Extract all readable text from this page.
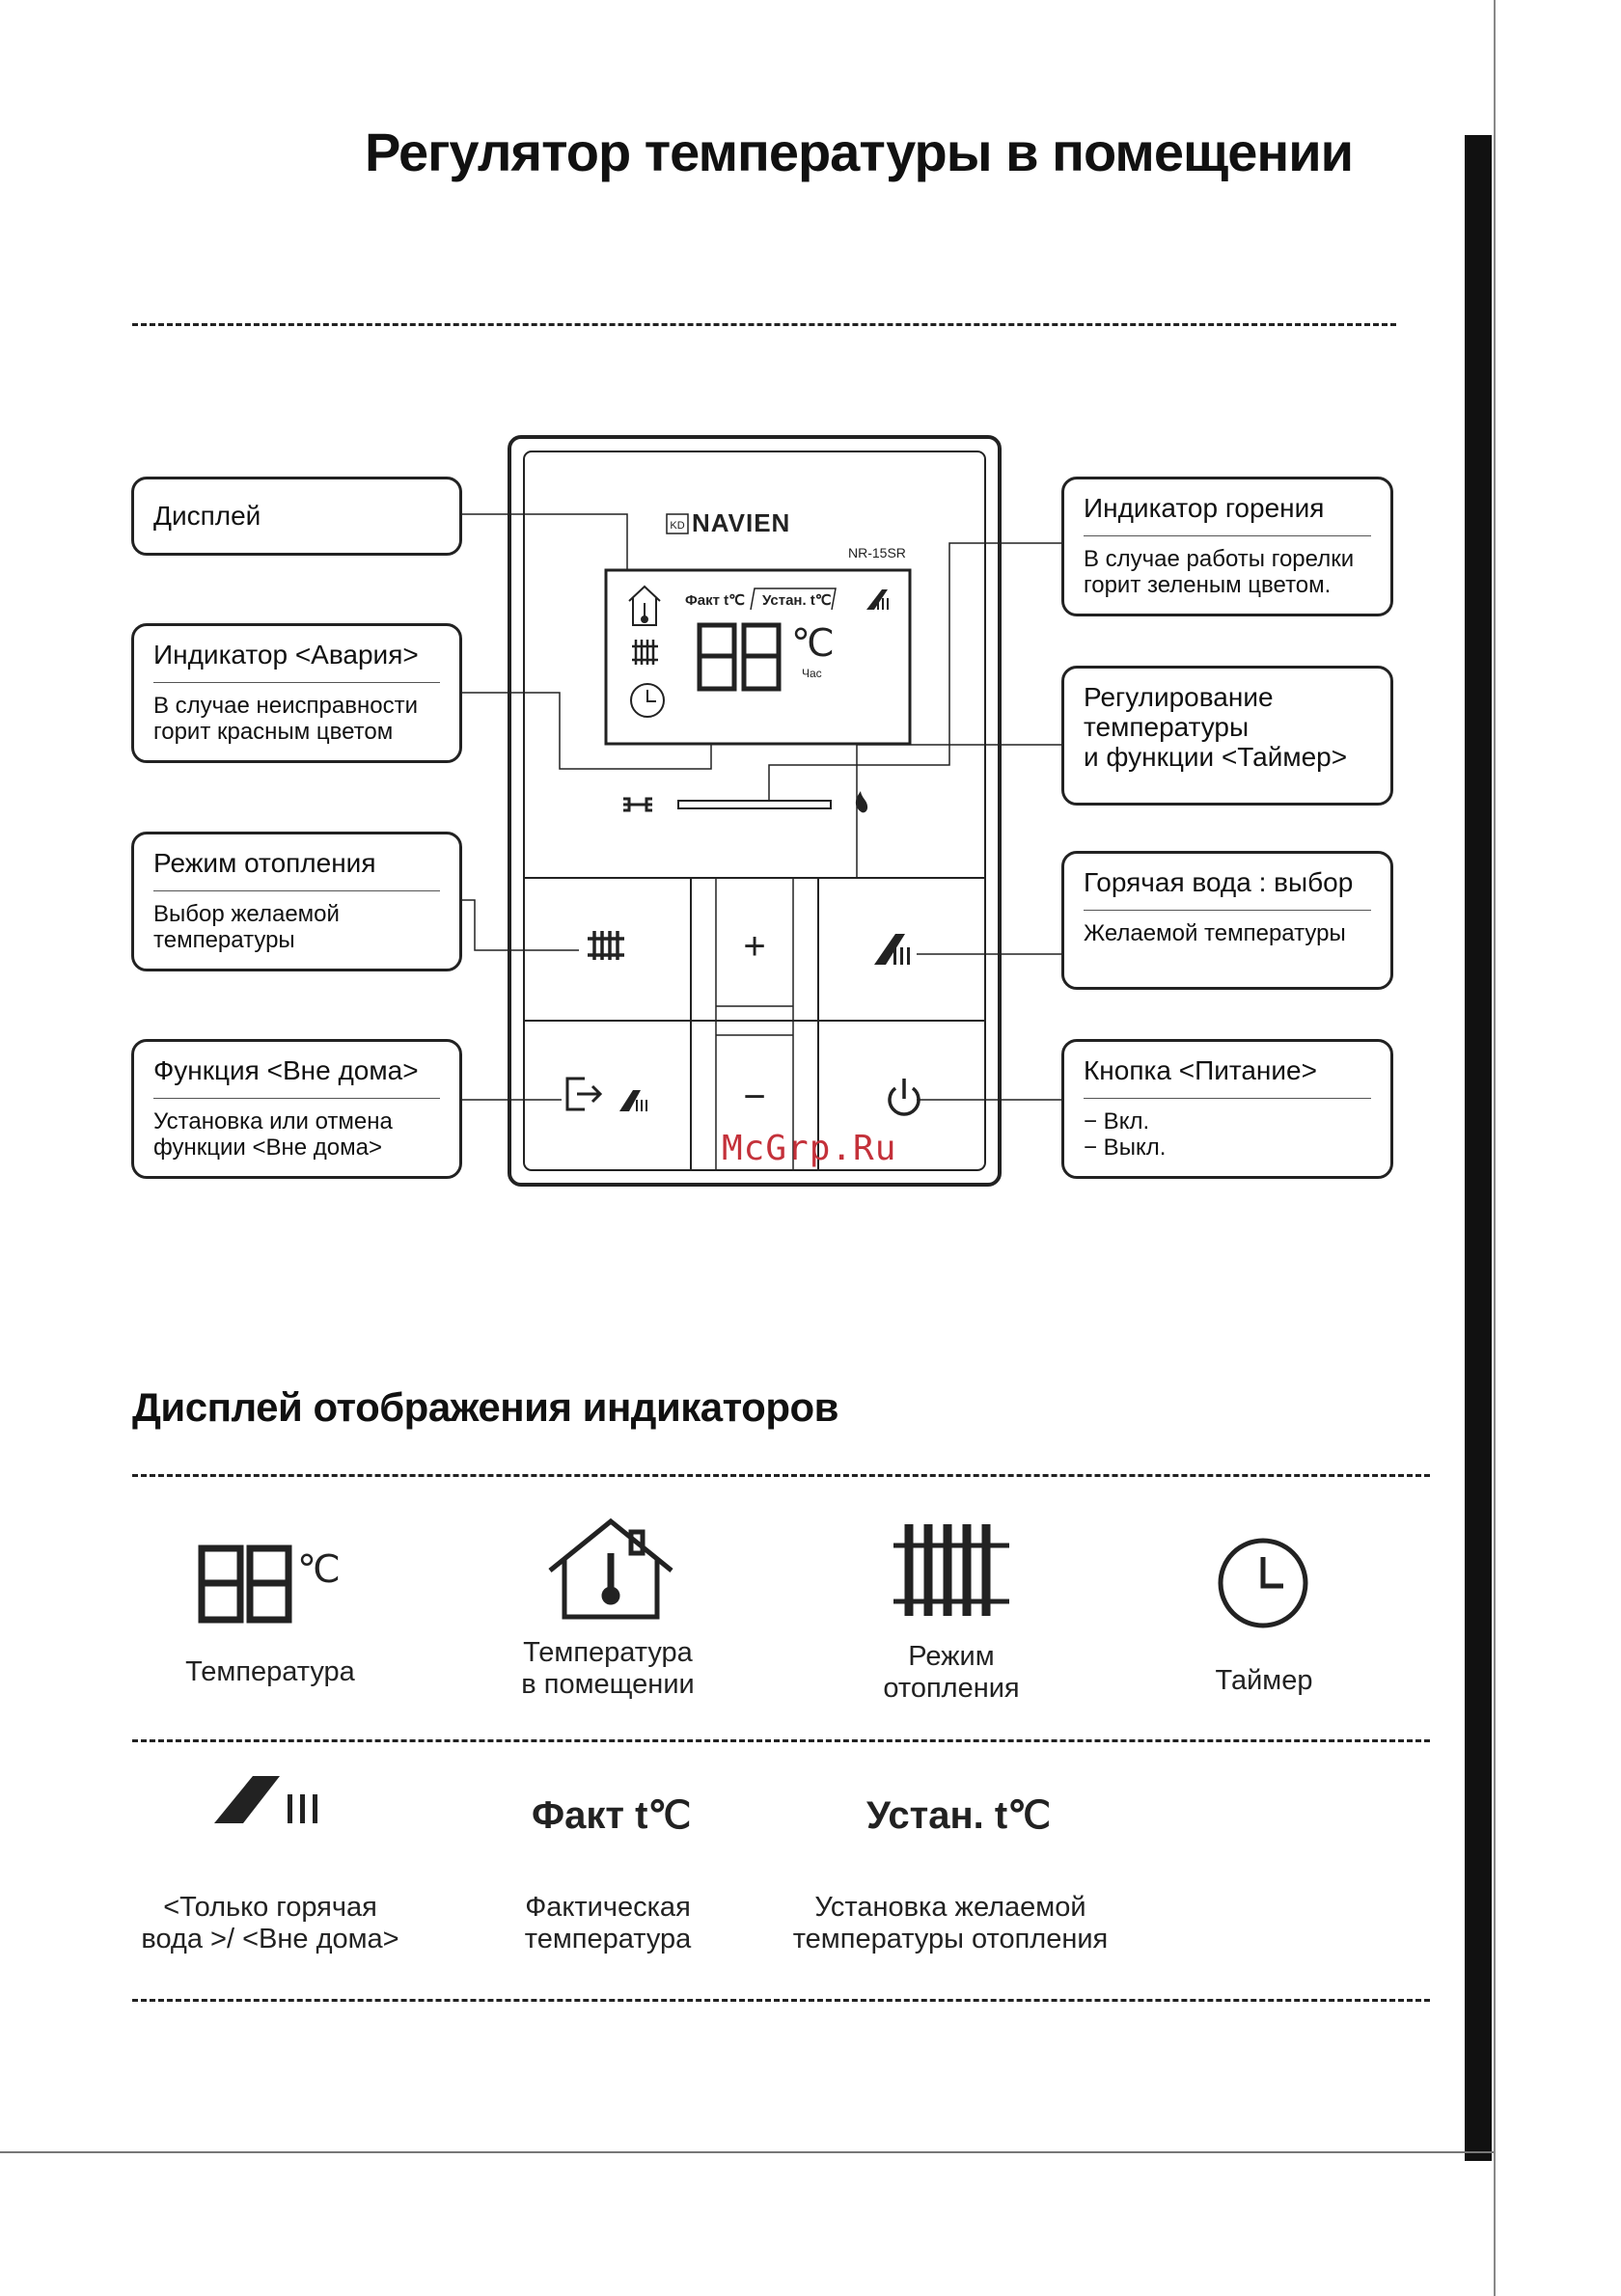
Регулятор температуры в помещении
KD NAVIEN
NR-15SR
Факт t℃ Устан. t℃
℃
Час
+
−
Дисплей
Индикатор <Авария>
В случае неисправности
горит красным цветом
Режим отопления
Выбор желаемой
температуры
Функция <Вне дома>
Установка или отмена
функции <Вне дома>
Индикатор горения
В случае работы горелки
горит зеленым цветом.
Регулирование
температуры
и функции <Таймер>
Горячая вода : выбор
Желаемой температуры
Кнопка <Питание>
− Вкл.
− Выкл.
McGrp.Ru
Дисплей отображения индикаторов
℃
Факт t℃	Устан. t℃
Температура
Температура
в помещении
Режим
отопления	Таймер
<Только горячая
вода >/ <Вне дома>
Фактическая
температура
Установка желаемой
температуры отопления
